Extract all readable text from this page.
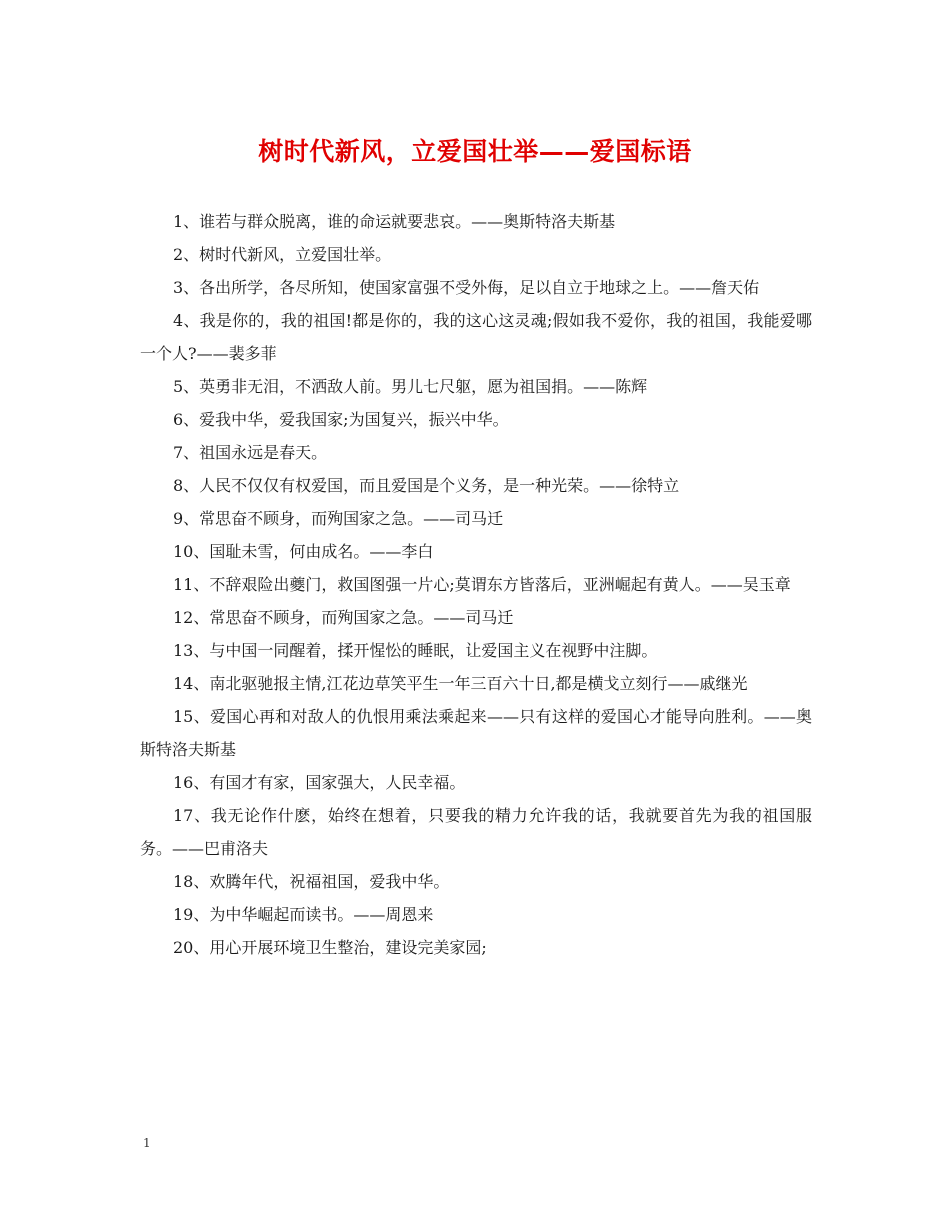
树时代新风，立爱国壮举——爱国标语

1、谁若与群众脱离，谁的命运就要悲哀。——奥斯特洛夫斯基

2、树时代新风，立爱国壮举。

3、各出所学，各尽所知，使国家富强不受外侮，足以自立于地球之上。——詹天佑

4、我是你的，我的祖国!都是你的，我的这心这灵魂;假如我不爱你，我的祖国，我能爱哪一个人?——裴多菲

5、英勇非无泪，不洒敌人前。男儿七尺躯，愿为祖国捐。——陈辉

6、爱我中华，爱我国家;为国复兴，振兴中华。

7、祖国永远是春天。

8、人民不仅仅有权爱国，而且爱国是个义务，是一种光荣。——徐特立

9、常思奋不顾身，而殉国家之急。——司马迁

10、国耻未雪，何由成名。——李白

11、不辞艰险出夔门，救国图强一片心;莫谓东方皆落后，亚洲崛起有黄人。——吴玉章

12、常思奋不顾身，而殉国家之急。——司马迁

13、与中国一同醒着，揉开惺忪的睡眠，让爱国主义在视野中注脚。

14、南北驱驰报主情,江花边草笑平生一年三百六十日,都是横戈立刻行——戚继光

15、爱国心再和对敌人的仇恨用乘法乘起来——只有这样的爱国心才能导向胜利。——奥斯特洛夫斯基

16、有国才有家，国家强大，人民幸福。

17、我无论作什麽，始终在想着，只要我的精力允许我的话，我就要首先为我的祖国服务。——巴甫洛夫

18、欢腾年代，祝福祖国，爱我中华。

19、为中华崛起而读书。——周恩来

20、用心开展环境卫生整治，建设完美家园;

1
